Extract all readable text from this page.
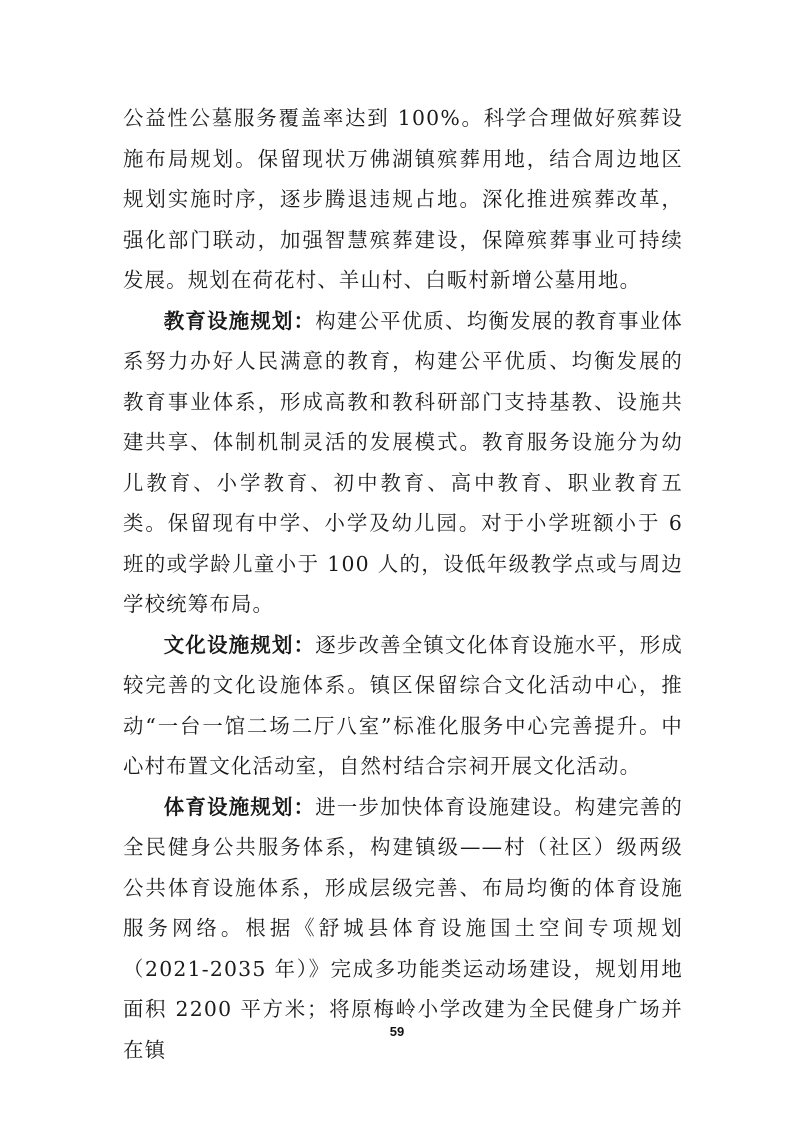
公益性公墓服务覆盖率达到 100%。科学合理做好殡葬设施布局规划。保留现状万佛湖镇殡葬用地，结合周边地区规划实施时序，逐步腾退违规占地。深化推进殡葬改革，强化部门联动，加强智慧殡葬建设，保障殡葬事业可持续发展。规划在荷花村、羊山村、白畈村新增公墓用地。

教育设施规划：构建公平优质、均衡发展的教育事业体系努力办好人民满意的教育，构建公平优质、均衡发展的教育事业体系，形成高教和教科研部门支持基教、设施共建共享、体制机制灵活的发展模式。教育服务设施分为幼儿教育、小学教育、初中教育、高中教育、职业教育五类。保留现有中学、小学及幼儿园。对于小学班额小于 6 班的或学龄儿童小于 100 人的，设低年级教学点或与周边学校统筹布局。

文化设施规划：逐步改善全镇文化体育设施水平，形成较完善的文化设施体系。镇区保留综合文化活动中心，推动“一台一馆二场二厅八室”标准化服务中心完善提升。中心村布置文化活动室，自然村结合宗祠开展文化活动。

体育设施规划：进一步加快体育设施建设。构建完善的全民健身公共服务体系，构建镇级——村（社区）级两级公共体育设施体系，形成层级完善、布局均衡的体育设施服务网络。根据《舒城县体育设施国土空间专项规划（2021-2035 年）》完成多功能类运动场建设，规划用地面积 2200 平方米；将原梅岭小学改建为全民健身广场并在镇

59
